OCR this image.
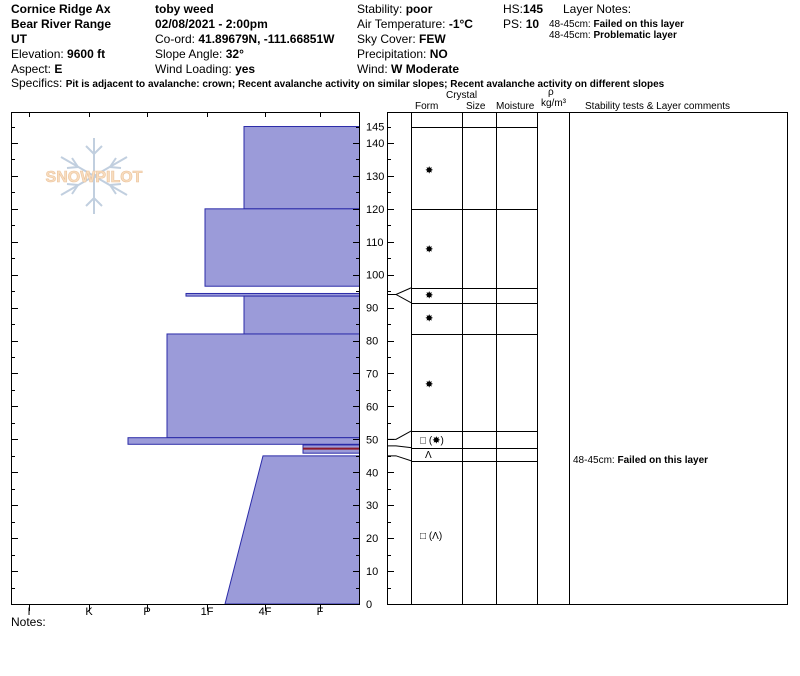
Cornice Ridge Ax
Bear River Range
UT
Elevation: 9600 ft
Aspect: E
toby weed
02/08/2021 - 2:00pm
Co-ord: 41.89679N, -111.66851W
Slope Angle: 32°
Wind Loading: yes
Stability: poor
Air Temperature: -1°C
Sky Cover: FEW
Precipitation: NO
Wind: W Moderate
HS:145
PS: 10
Layer Notes:
48-45cm: Failed on this layer
48-45cm: Problematic layer
Specifics: Pit is adjacent to avalanche: crown; Recent avalanche activity on similar slopes; Recent avalanche activity on different slopes
Crystal
Form	Size Moisture
ρ
kg/m³ Stability tests & Layer comments
SNOWPILOT
145
140
130
120
110
100
90
80
70
60
50
40
30
20
10
0
I	K	P	1F	4F	F
✸
✸
✸
✸
✸
□ (✸)
Λ
□ (Λ)
48-45cm: Failed on this layer
Notes:
